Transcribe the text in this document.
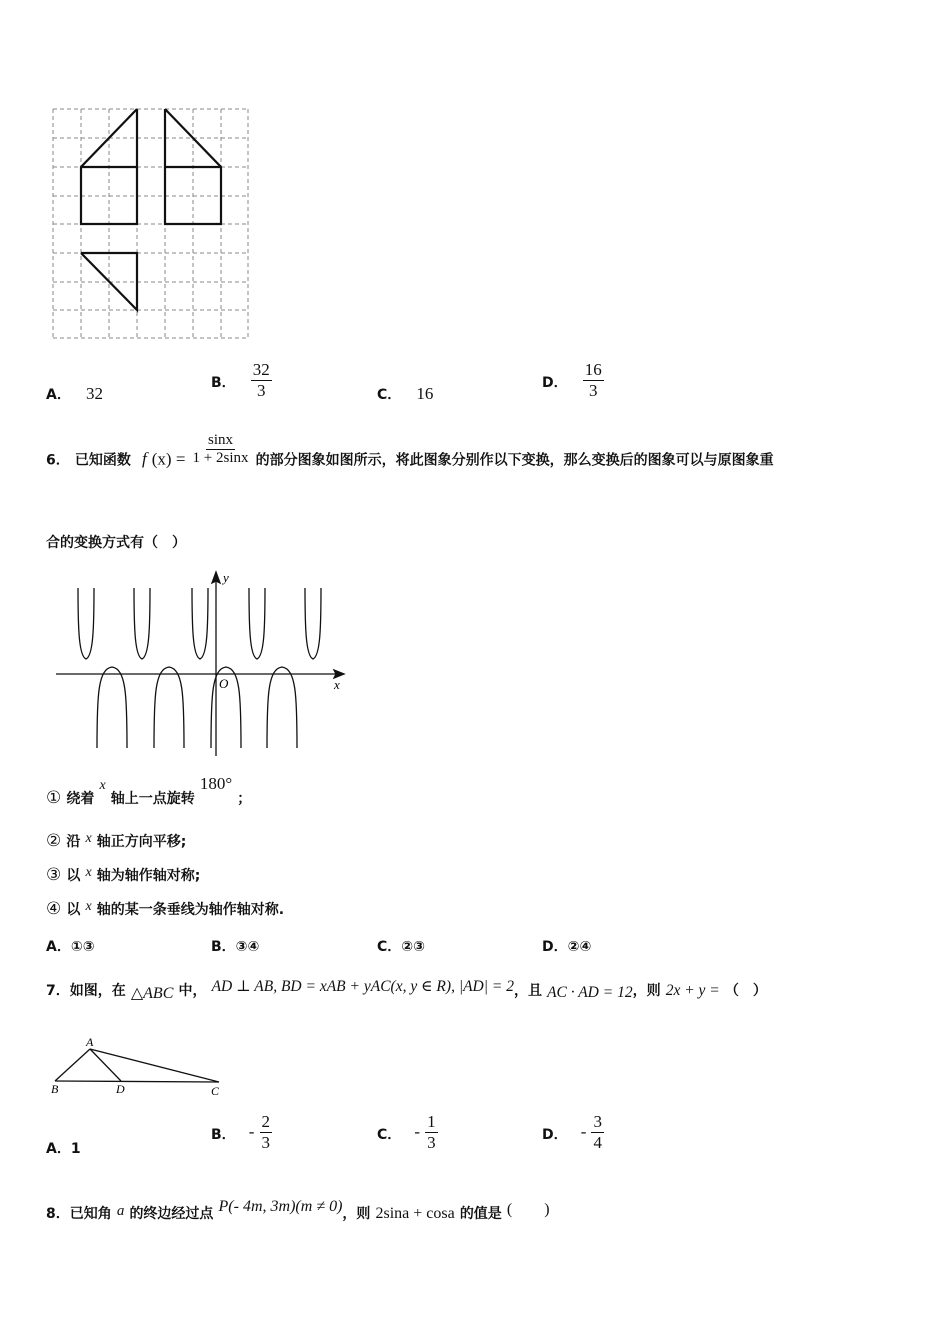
A． 32
B． $\frac{32}{3}$	C． 16
D． $\frac{16}{3}$
6． 已知函数 f $(x) = \frac{\sin x}{1 + 2\sin x}$ 的部分图象如图所示，将此图象分别作以下变换，那么变换后的图象可以与原图象重
合的变换方式有（　）
y
x
O
① 绕着 x 轴上一点旋转 180° ；
② 沿 x 轴正方向平移;
③ 以 x 轴为轴作轴对称;
④ 以 x 轴的某一条垂线为轴作轴对称.
A．①③	B．③④	C．②③	D．②④
7．如图，在 △ABC 中， AD ⊥ AB, BD = xAB + yAC(x, y ∈ R), |AD| = 2，且 AC · AD = 12，则 2x + y = （　）
A
B	D	C
A．1
B． - $\frac{2}{3}$	C． - $\frac{1}{3}$	D． - $\frac{3}{4}$
8．已知角 a 的终边经过点 P(- 4m, 3m)(m ≠ 0)，则 2sina + cosa 的值是 (　　)
